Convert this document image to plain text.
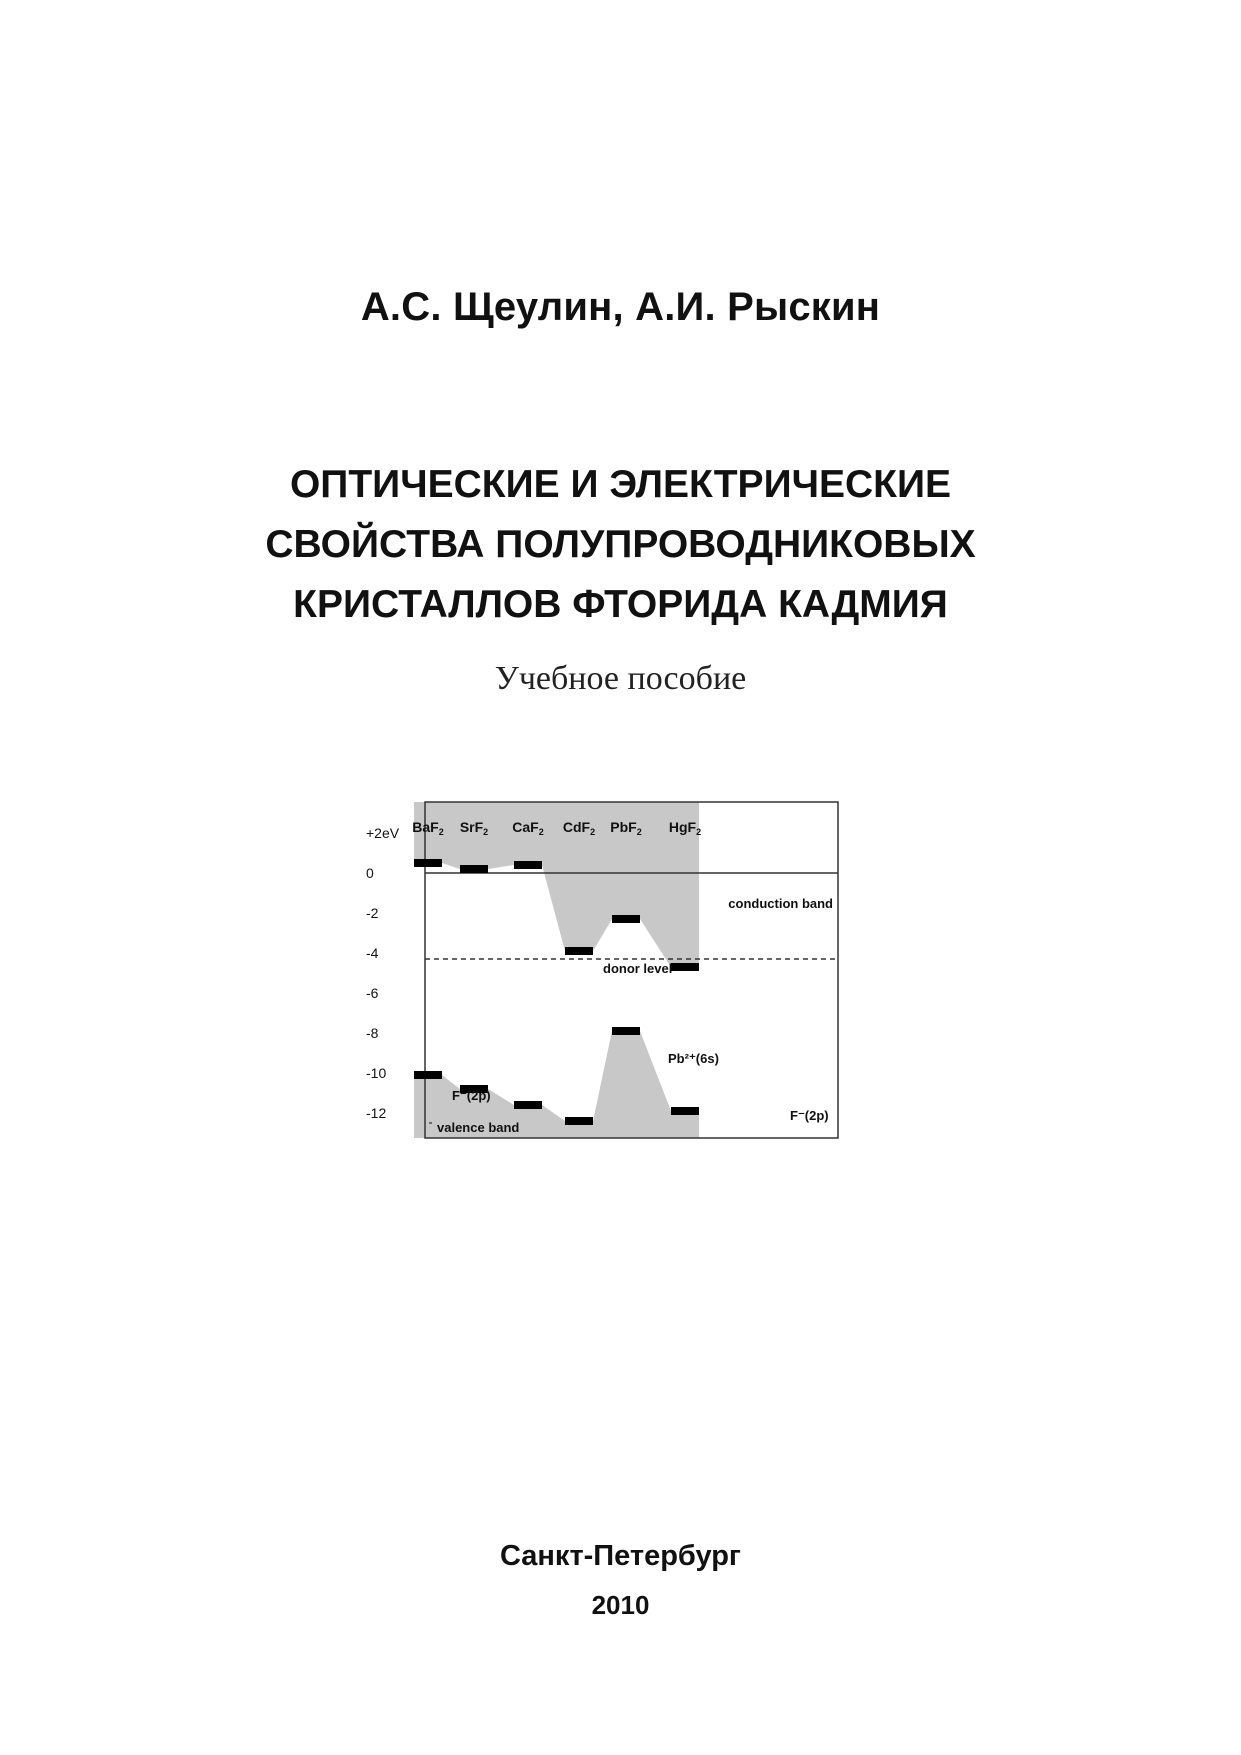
А.С. Щеулин, А.И. Рыскин
ОПТИЧЕСКИЕ И ЭЛЕКТРИЧЕСКИЕ
СВОЙСТВА ПОЛУПРОВОДНИКОВЫХ
КРИСТАЛЛОВ ФТОРИДА КАДМИЯ
Учебное пособие
+2eV
0
-2
-4
-6
-8
-10
-12
BaF$_2$ SrF$_2$ CaF$_2$ CdF$_2$ PbF$_2$ HgF$_2$
conduction band
donor level
valence band
F⁻(2p)
F⁻(2p)
Pb²⁺(6s)
Санкт-Петербург
2010
